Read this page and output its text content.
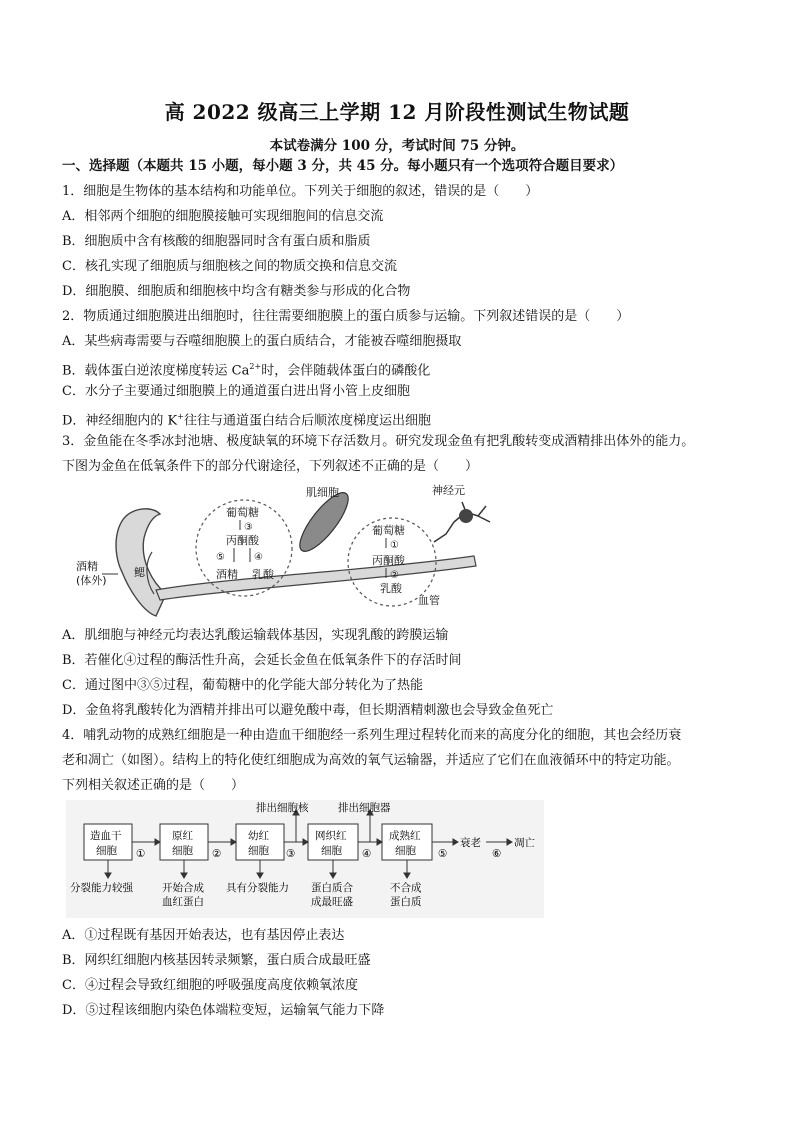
高 2022 级高三上学期 12 月阶段性测试生物试题
本试卷满分 100 分，考试时间 75 分钟。
一、选择题（本题共 15 小题，每小题 3 分，共 45 分。每小题只有一个选项符合题目要求）
1．细胞是生物体的基本结构和功能单位。下列关于细胞的叙述，错误的是（　　）
A．相邻两个细胞的细胞膜接触可实现细胞间的信息交流
B．细胞质中含有核酸的细胞器同时含有蛋白质和脂质
C．核孔实现了细胞质与细胞核之间的物质交换和信息交流
D．细胞膜、细胞质和细胞核中均含有糖类参与形成的化合物
2．物质通过细胞膜进出细胞时，往往需要细胞膜上的蛋白质参与运输。下列叙述错误的是（　　）
A．某些病毒需要与吞噬细胞膜上的蛋白质结合，才能被吞噬细胞摄取
B．载体蛋白逆浓度梯度转运 $Ca^{2+}$时，会伴随载体蛋白的磷酸化
C．水分子主要通过细胞膜上的通道蛋白进出肾小管上皮细胞
D．神经细胞内的 K+往往与通道蛋白结合后顺浓度梯度运出细胞
3．金鱼能在冬季冰封池塘、极度缺氧的环境下存活数月。研究发现金鱼有把乳酸转变成酒精排出体外的能力。
下图为金鱼在低氧条件下的部分代谢途径，下列叙述不正确的是（　　）
肌细胞	神经元
酒精
(体外)
鳃
血管
葡萄糖
③
丙酮酸
⑤	④
酒精 乳酸
葡萄糖
①
丙酮酸
②
乳酸
A．肌细胞与神经元均表达乳酸运输载体基因，实现乳酸的跨膜运输
B．若催化④过程的酶活性升高，会延长金鱼在低氧条件下的存活时间
C．通过图中③⑤过程，葡萄糖中的化学能大部分转化为了热能
D．金鱼将乳酸转化为酒精并排出可以避免酸中毒，但长期酒精刺激也会导致金鱼死亡
4．哺乳动物的成熟红细胞是一种由造血干细胞经一系列生理过程转化而来的高度分化的细胞，其也会经历衰
老和凋亡（如图）。结构上的特化使红细胞成为高效的氧气运输器，并适应了它们在血液循环中的特定功能。
下列相关叙述正确的是（　　）
造血干
细胞
原红
细胞
幼红
细胞
网织红
细胞
成熟红
细胞
①	②	③	④	⑤	⑥
排出细胞核	排出细胞器
衰老	凋亡
分裂能力较强	开始合成
血红蛋白
具有分裂能力 蛋白质合
成最旺盛
不合成
蛋白质
A．①过程既有基因开始表达，也有基因停止表达
B．网织红细胞内核基因转录频繁，蛋白质合成最旺盛
C．④过程会导致红细胞的呼吸强度高度依赖氧浓度
D．⑤过程该细胞内染色体端粒变短，运输氧气能力下降
